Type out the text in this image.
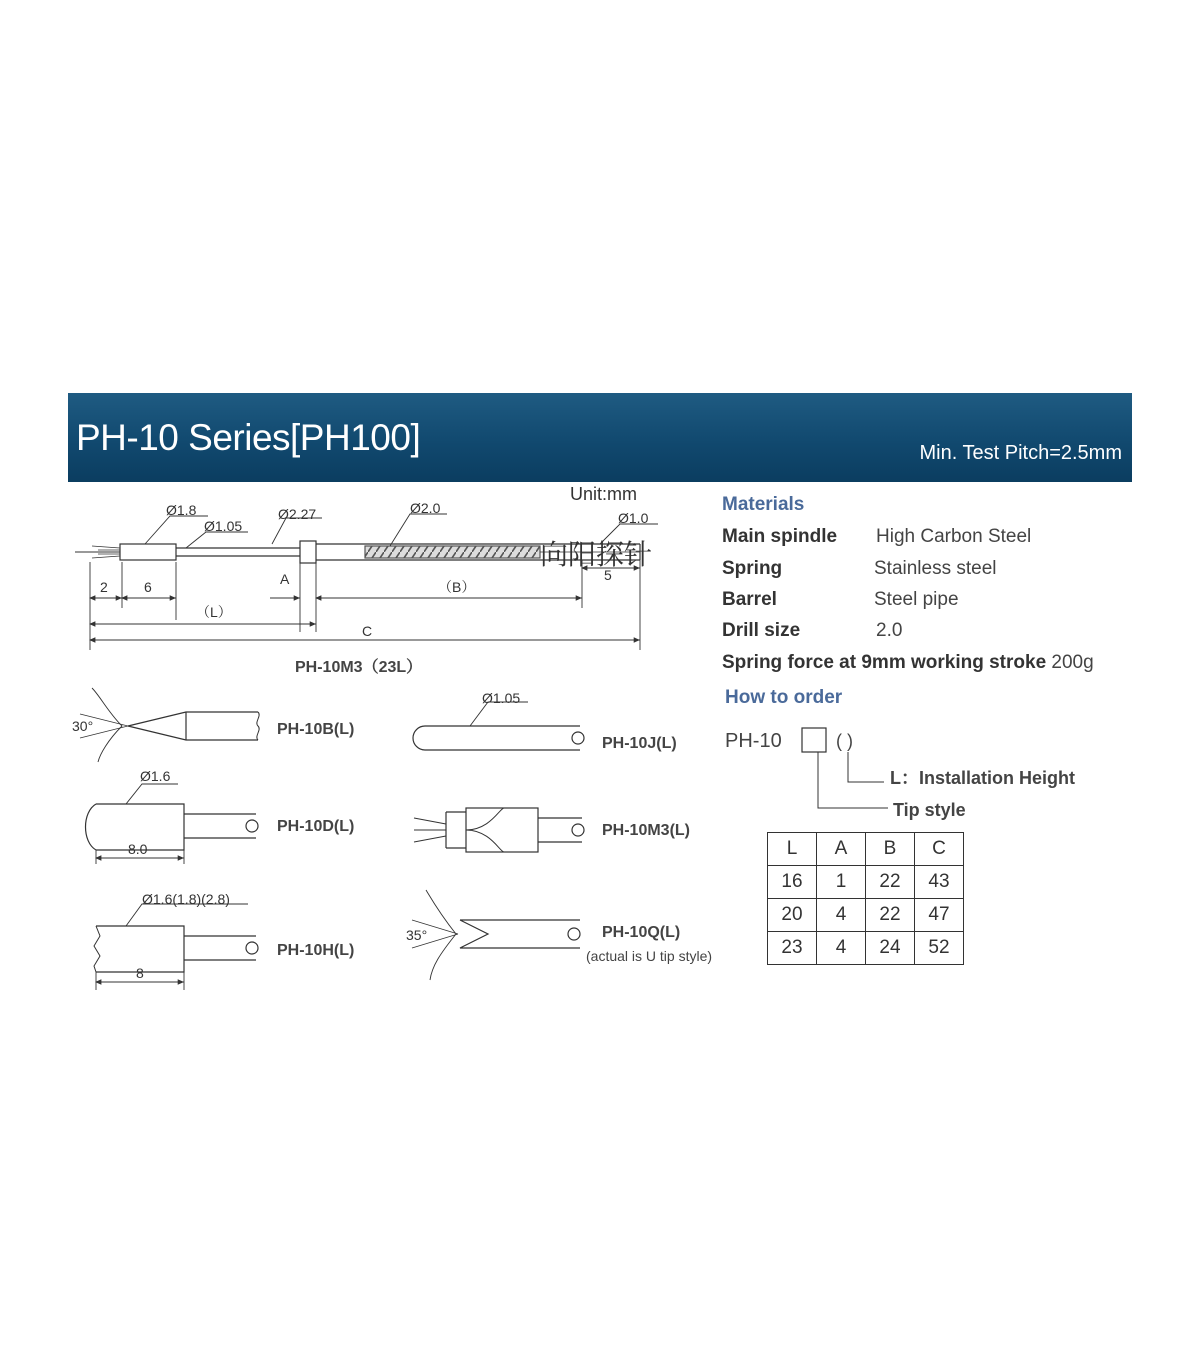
PH-10 Series[PH100]	Min. Test Pitch=2.5mm
Unit:mm
向阳探针
Ø1.8
Ø1.05
Ø2.27	Ø2.0
Ø1.0
2	6	A	（B）
5
（L）
C
PH-10M3（23L）
30°
Ø1.05
Ø1.6
8.0
Ø1.6(1.8)(2.8)
8
35°
PH-10B(L)
PH-10J(L)
PH-10D(L)	PH-10M3(L)
PH-10H(L)
PH-10Q(L)
(actual is U tip style)
Materials
Main spindle High Carbon Steel
Spring	Stainless steel
Barrel	Steel pipe
Drill size	2.0
Spring force at 9mm working stroke 200g
How to order
PH-10	( )
L：Installation Height
Tip style
L	A	B	C
16	1	22	43
20	4	22	47
23	4	24	52
